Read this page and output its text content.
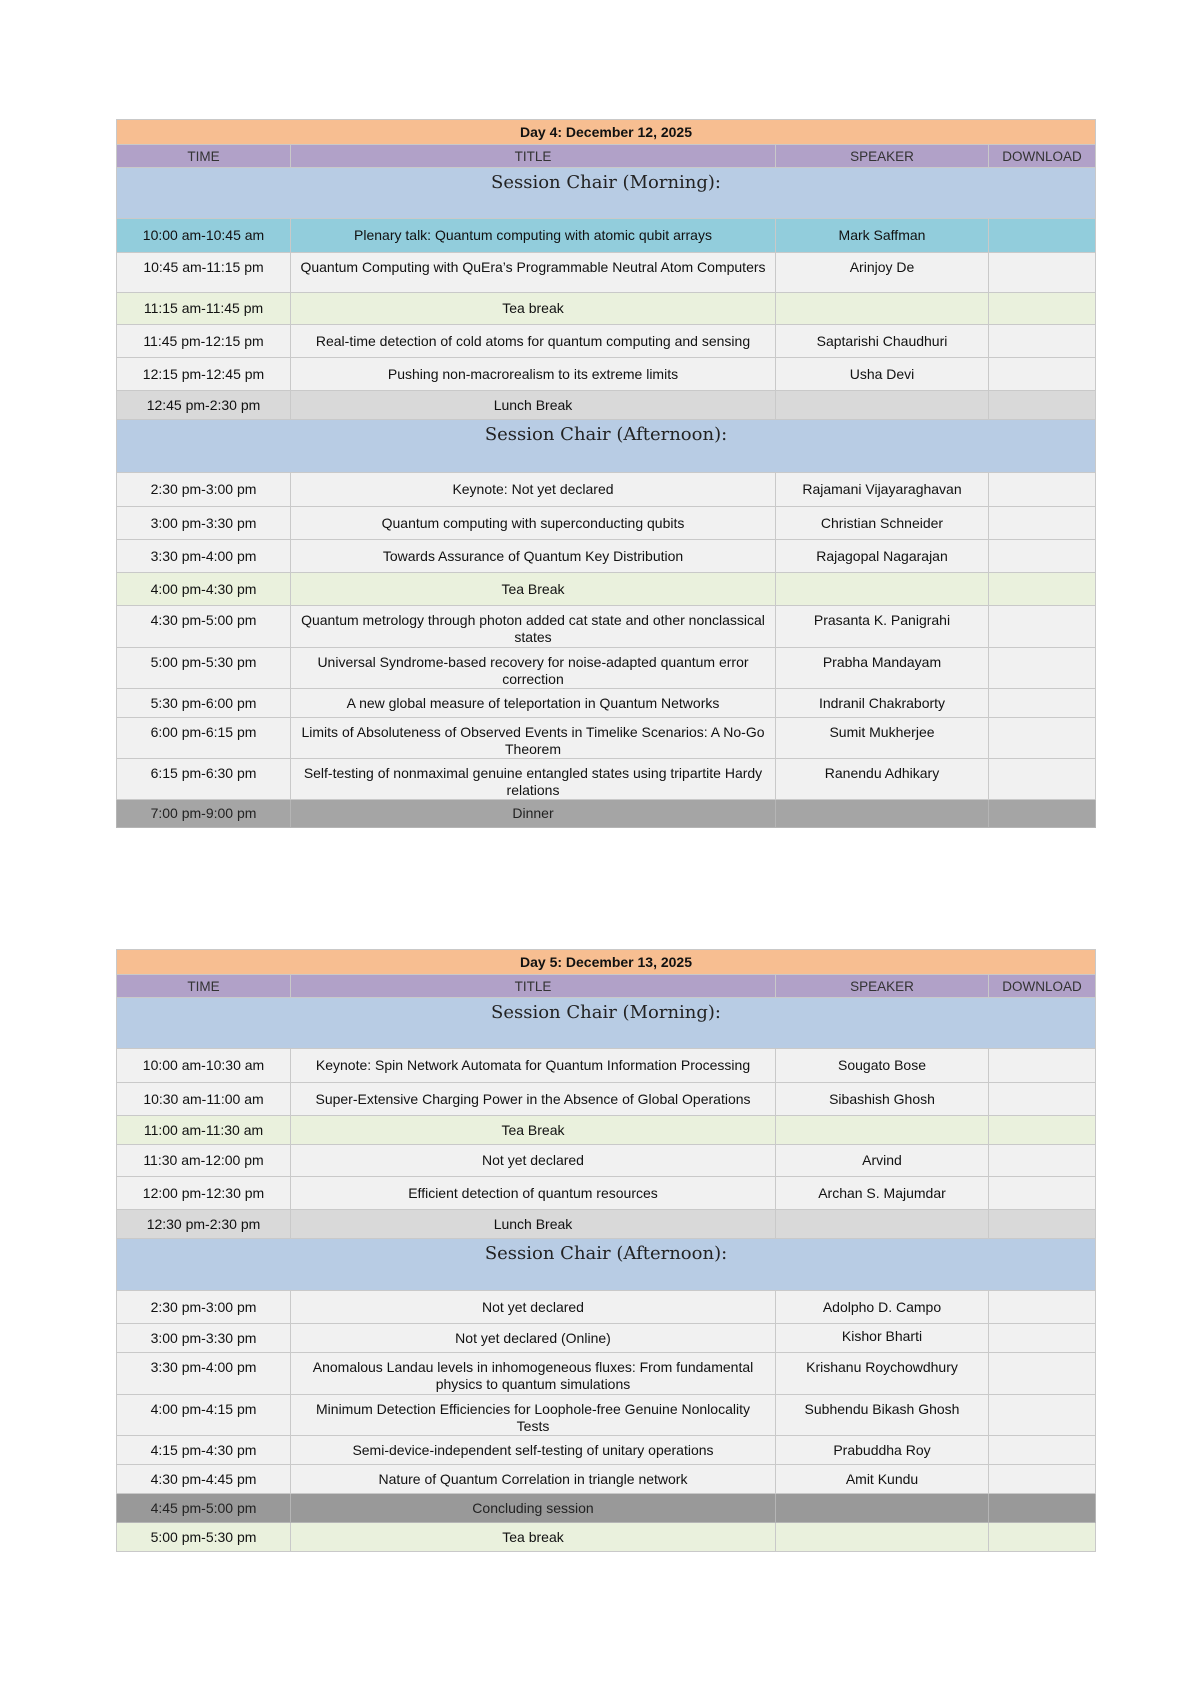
Day 4: December 12, 2025			
TIME	TITLE	SPEAKER	DOWNLOAD
Session Chair (Morning):			
10:00 am-10:45 am	Plenary talk: Quantum computing with atomic qubit arrays	Mark Saffman	
10:45 am-11:15 pm	Quantum Computing with QuEra’s Programmable Neutral Atom Computers	Arinjoy De	
11:15 am-11:45 pm	Tea break		
11:45 pm-12:15 pm	Real-time detection of cold atoms for quantum computing and sensing	Saptarishi Chaudhuri	
12:15 pm-12:45 pm	Pushing non-macrorealism to its extreme limits	Usha Devi	
12:45 pm-2:30 pm	Lunch Break		
Session Chair (Afternoon):			
2:30 pm-3:00 pm	Keynote: Not yet declared	Rajamani Vijayaraghavan	
3:00 pm-3:30 pm	Quantum computing with superconducting qubits	Christian Schneider	
3:30 pm-4:00 pm	Towards Assurance of Quantum Key Distribution	Rajagopal Nagarajan	
4:00 pm-4:30 pm	Tea Break		
4:30 pm-5:00 pm	Quantum metrology through photon added cat state and other nonclassical states	Prasanta K. Panigrahi	
5:00 pm-5:30 pm	Universal Syndrome-based recovery for noise-adapted quantum error correction	Prabha Mandayam	
5:30 pm-6:00 pm	A new global measure of teleportation in Quantum Networks	Indranil Chakraborty	
6:00 pm-6:15 pm	Limits of Absoluteness of Observed Events in Timelike Scenarios: A No-Go Theorem	Sumit Mukherjee	
6:15 pm-6:30 pm	Self-testing of nonmaximal genuine entangled states using tripartite Hardy relations	Ranendu Adhikary	
7:00 pm-9:00 pm	Dinner		
Day 5: December 13, 2025			
TIME	TITLE	SPEAKER	DOWNLOAD
Session Chair (Morning):			
10:00 am-10:30 am	Keynote: Spin Network Automata for Quantum Information Processing	Sougato Bose	
10:30 am-11:00 am	Super-Extensive Charging Power in the Absence of Global Operations	Sibashish Ghosh	
11:00 am-11:30 am	Tea Break		
11:30 am-12:00 pm	Not yet declared	Arvind	
12:00 pm-12:30 pm	Efficient detection of quantum resources	Archan S. Majumdar	
12:30 pm-2:30 pm	Lunch Break		
Session Chair (Afternoon):			
2:30 pm-3:00 pm	Not yet declared	Adolpho D. Campo	
3:00 pm-3:30 pm	Not yet declared (Online)	Kishor Bharti	
3:30 pm-4:00 pm	Anomalous Landau levels in inhomogeneous fluxes: From fundamental physics to quantum simulations	Krishanu Roychowdhury	
4:00 pm-4:15 pm	Minimum Detection Efficiencies for Loophole-free Genuine Nonlocality Tests	Subhendu Bikash Ghosh	
4:15 pm-4:30 pm	Semi-device-independent self-testing of unitary operations	Prabuddha Roy	
4:30 pm-4:45 pm	Nature of Quantum Correlation in triangle network	Amit Kundu	
4:45 pm-5:00 pm	Concluding session		
5:00 pm-5:30 pm	Tea break		
